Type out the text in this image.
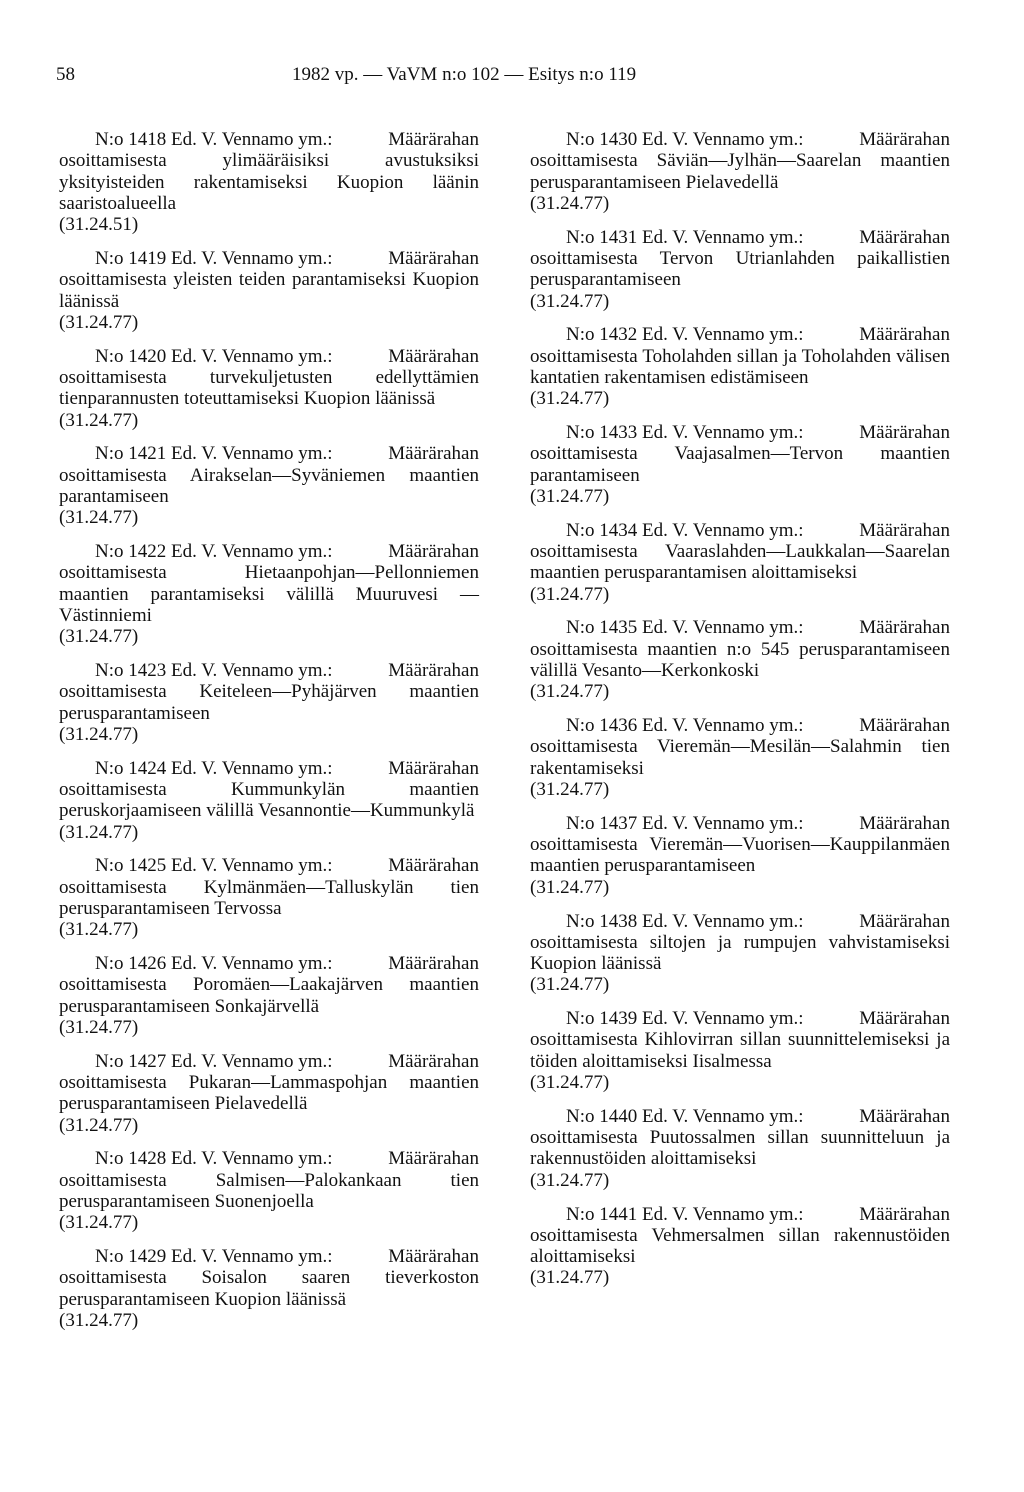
58	1982 vp. — VaVM n:o 102 — Esitys n:o 119

N:o 1418 Ed. V. Vennamo ym.:	Määrärahan osoittamisesta ylimääräisiksi avustuksiksi yksityisteiden rakentamiseksi Kuopion läänin saaristoalueella
(31.24.51)

N:o 1419 Ed. V. Vennamo ym.:	Määrärahan osoittamisesta yleisten teiden parantamiseksi Kuopion läänissä
(31.24.77)

N:o 1420 Ed. V. Vennamo ym.:	Määrärahan osoittamisesta turvekuljetusten edellyttämien tienparannusten toteuttamiseksi Kuopion läänissä
(31.24.77)

N:o 1421 Ed. V. Vennamo ym.:	Määrärahan osoittamisesta Airakselan—Syväniemen maantien parantamiseen
(31.24.77)

N:o 1422 Ed. V. Vennamo ym.:	Määrärahan osoittamisesta Hietaanpohjan—Pellonniemen maantien parantamiseksi välillä Muuruvesi —Västinniemi
(31.24.77)

N:o 1423 Ed. V. Vennamo ym.:	Määrärahan osoittamisesta Keiteleen—Pyhäjärven maantien perusparantamiseen
(31.24.77)

N:o 1424 Ed. V. Vennamo ym.:	Määrärahan osoittamisesta Kummunkylän maantien peruskorjaamiseen välillä Vesannontie—Kummunkylä
(31.24.77)

N:o 1425 Ed. V. Vennamo ym.:	Määrärahan osoittamisesta Kylmänmäen—Talluskylän tien perusparantamiseen Tervossa
(31.24.77)

N:o 1426 Ed. V. Vennamo ym.:	Määrärahan osoittamisesta Poromäen—Laakajärven maantien perusparantamiseen Sonkajärvellä
(31.24.77)

N:o 1427 Ed. V. Vennamo ym.:	Määrärahan osoittamisesta Pukaran—Lammaspohjan maantien perusparantamiseen Pielavedellä
(31.24.77)

N:o 1428 Ed. V. Vennamo ym.:	Määrärahan osoittamisesta Salmisen—Palokankaan tien perusparantamiseen Suonenjoella
(31.24.77)

N:o 1429 Ed. V. Vennamo ym.:	Määrärahan osoittamisesta Soisalon saaren tieverkoston perusparantamiseen Kuopion läänissä
(31.24.77)

N:o 1430 Ed. V. Vennamo ym.:	Määrärahan osoittamisesta Säviän—Jylhän—Saarelan maantien perusparantamiseen Pielavedellä
(31.24.77)

N:o 1431 Ed. V. Vennamo ym.:	Määrärahan osoittamisesta Tervon Utrianlahden paikallistien perusparantamiseen
(31.24.77)

N:o 1432 Ed. V. Vennamo ym.:	Määrärahan osoittamisesta Toholahden sillan ja Toholahden välisen kantatien rakentamisen edistämiseen
(31.24.77)

N:o 1433 Ed. V. Vennamo ym.:	Määrärahan osoittamisesta Vaajasalmen—Tervon maantien parantamiseen
(31.24.77)

N:o 1434 Ed. V. Vennamo ym.:	Määrärahan osoittamisesta Vaaraslahden—Laukkalan—Saarelan maantien perusparantamisen aloittamiseksi
(31.24.77)

N:o 1435 Ed. V. Vennamo ym.:	Määrärahan osoittamisesta maantien n:o 545 perusparantamiseen välillä Vesanto—Kerkonkoski
(31.24.77)

N:o 1436 Ed. V. Vennamo ym.:	Määrärahan osoittamisesta Vieremän—Mesilän—Salahmin tien rakentamiseksi
(31.24.77)

N:o 1437 Ed. V. Vennamo ym.:	Määrärahan osoittamisesta Vieremän—Vuorisen—Kauppilanmäen maantien perusparantamiseen
(31.24.77)

N:o 1438 Ed. V. Vennamo ym.:	Määrärahan osoittamisesta siltojen ja rumpujen vahvistamiseksi Kuopion läänissä
(31.24.77)

N:o 1439 Ed. V. Vennamo ym.:	Määrärahan osoittamisesta Kihlovirran sillan suunnittelemiseksi ja töiden aloittamiseksi Iisalmessa
(31.24.77)

N:o 1440 Ed. V. Vennamo ym.:	Määrärahan osoittamisesta Puutossalmen sillan suunnitteluun ja rakennustöiden aloittamiseksi
(31.24.77)

N:o 1441 Ed. V. Vennamo ym.:	Määrärahan osoittamisesta Vehmersalmen sillan rakennustöiden aloittamiseksi
(31.24.77)
